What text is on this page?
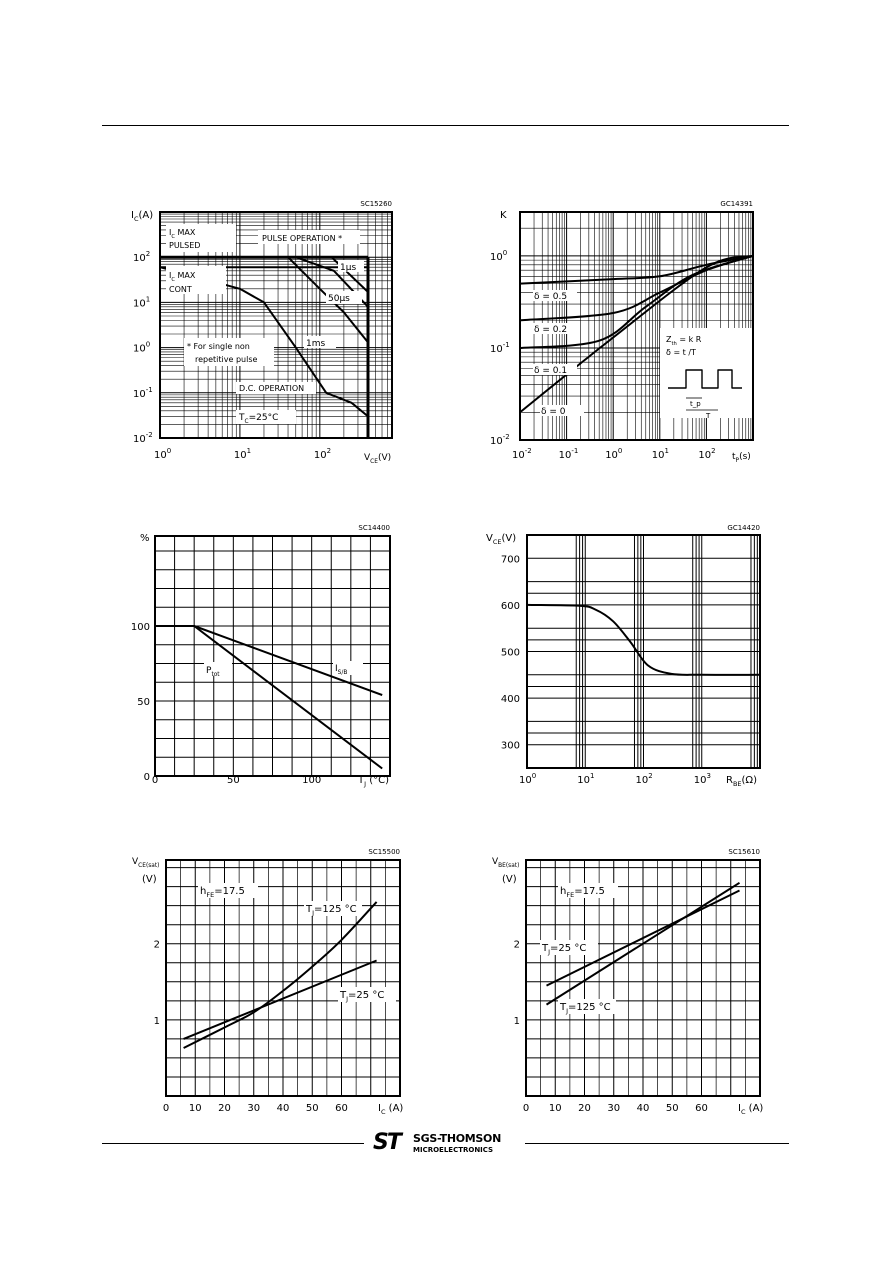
ST SGS-THOMSON
MICROELECTRONICS
SC15260
$I_C(A)$
$V_{CE}(V)$
$10^0$	$10^1$	$10^2$
$10^2$
$10^1$
$10^0$
$10^{-1}$
$10^{-2}$
$I_C$ MAX
PULSED
$I_C$ MAX
CONT
PULSE OPERATION *
* For single non
repetitive pulse
D.C. OPERATION
$T_C=25^\circ C$
1µs
50µs
1ms
GC14391
K
$t_P(s)$
$10^{-2}$	$10^{-1}$	$10^0$	$10^1$	$10^2$
$10^0$
$10^{-1}$
$10^{-2}$
δ = 0.5
δ = 0.2
δ = 0.1
δ = 0
$Z_{th} = k$ R
δ = t /T
t_p
T
SC14400
%
$T_J$ (°C)
0	50	100
0
50
100
$P_{tot}$
$I_{S/B}$
GC14420
$V_{CE}(V)$
$R_{BE}(\Omega)$
$10^0$	$10^1$	$10^2$	$10^3$
300
400
500
600
700
SC15500
$V_{CE(sat)}$
(V)
$I_C$ (A)
0 10 20 30 40 50 60
1
2
$h_{FE}=17.5$
$T_J=125$ °C
$T_J=25$ °C
SC15610
$V_{BE(sat)}$
(V)
$I_C$ (A)
0 10 20 30 40 50 60
1
2
$h_{FE}=17.5$
$T_J=25$ °C
$T_J=125$ °C
